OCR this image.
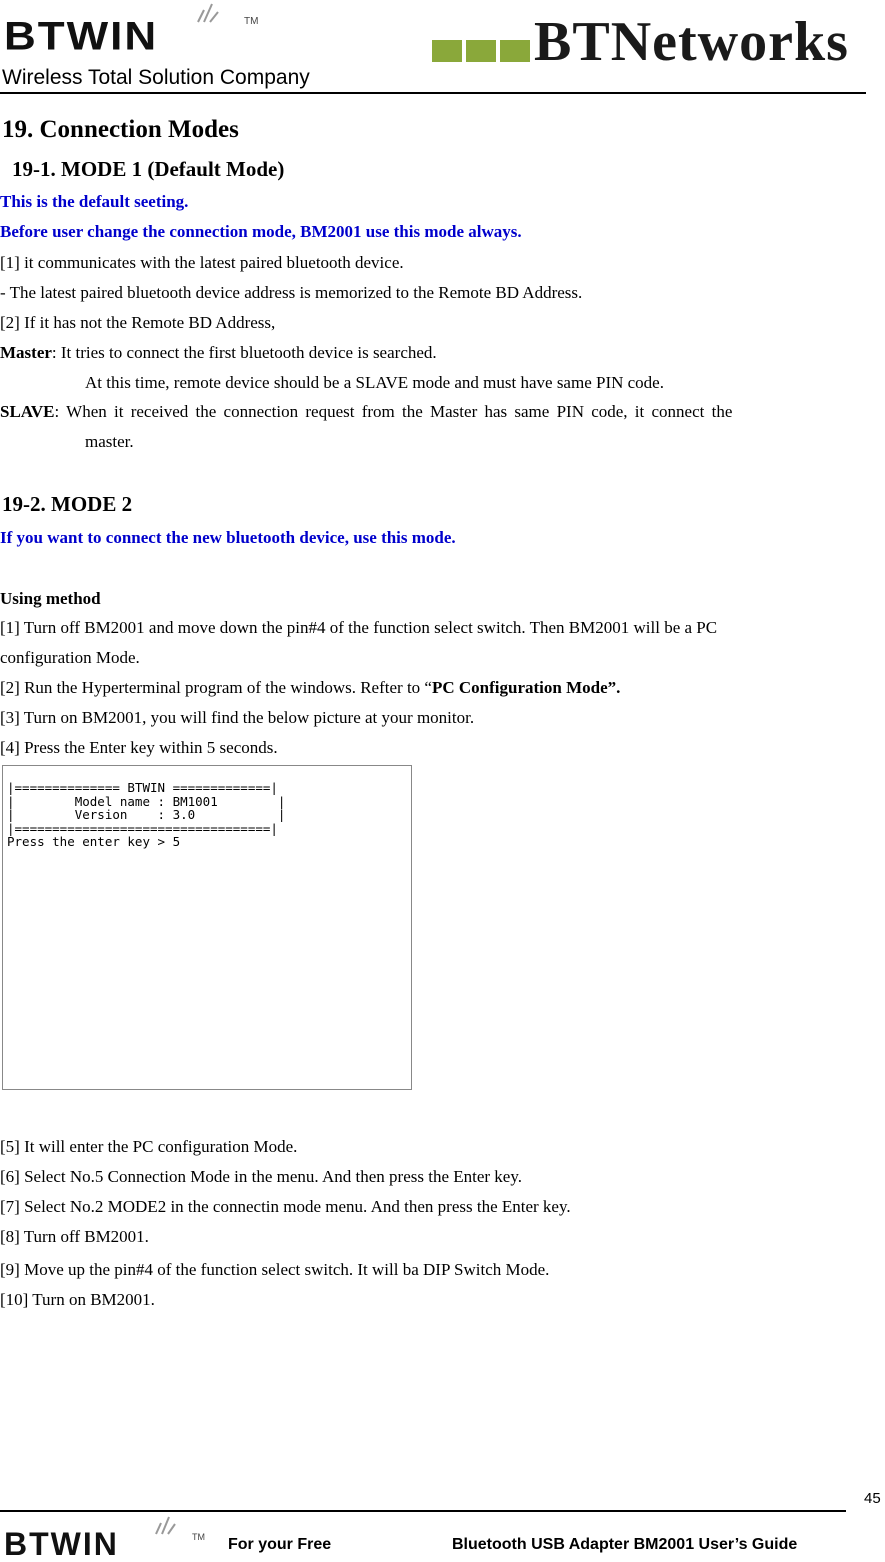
BTWIN	TM
Wireless Total Solution Company
BTNetworks
19. Connection Modes
19-1. MODE 1 (Default Mode)
This is the default seeting.
Before user change the connection mode, BM2001 use this mode always.
[1] it communicates with the latest paired bluetooth device.
- The latest paired bluetooth device address is memorized to the Remote BD Address.
[2] If it has not the Remote BD Address,
Master: It tries to connect the first bluetooth device is searched.
At this time, remote device should be a SLAVE mode and must have same PIN code.
SLAVE: When it received the connection request from the Master has same PIN code, it connect the
master.
19-2. MODE 2
If you want to connect the new bluetooth device, use this mode.
Using method
[1] Turn off BM2001 and move down the pin#4 of the function select switch. Then BM2001 will be a PC
configuration Mode.
[2] Run the Hyperterminal program of the windows. Refter to “PC Configuration Mode”.
[3] Turn on BM2001, you will find the below picture at your monitor.
[4] Press the Enter key within 5 seconds.
|============== BTWIN =============|
|        Model name : BM1001        |
|        Version    : 3.0           |
|==================================|
Press the enter key > 5
[5] It will enter the PC configuration Mode.
[6] Select No.5 Connection Mode in the menu. And then press the Enter key.
[7] Select No.2 MODE2 in the connectin mode menu. And then press the Enter key.
[8] Turn off BM2001.
[9] Move up the pin#4 of the function select switch. It will ba DIP Switch Mode.
[10] Turn on BM2001.
45
BTWIN	TM For your Free	Bluetooth USB Adapter BM2001 User’s Guide
